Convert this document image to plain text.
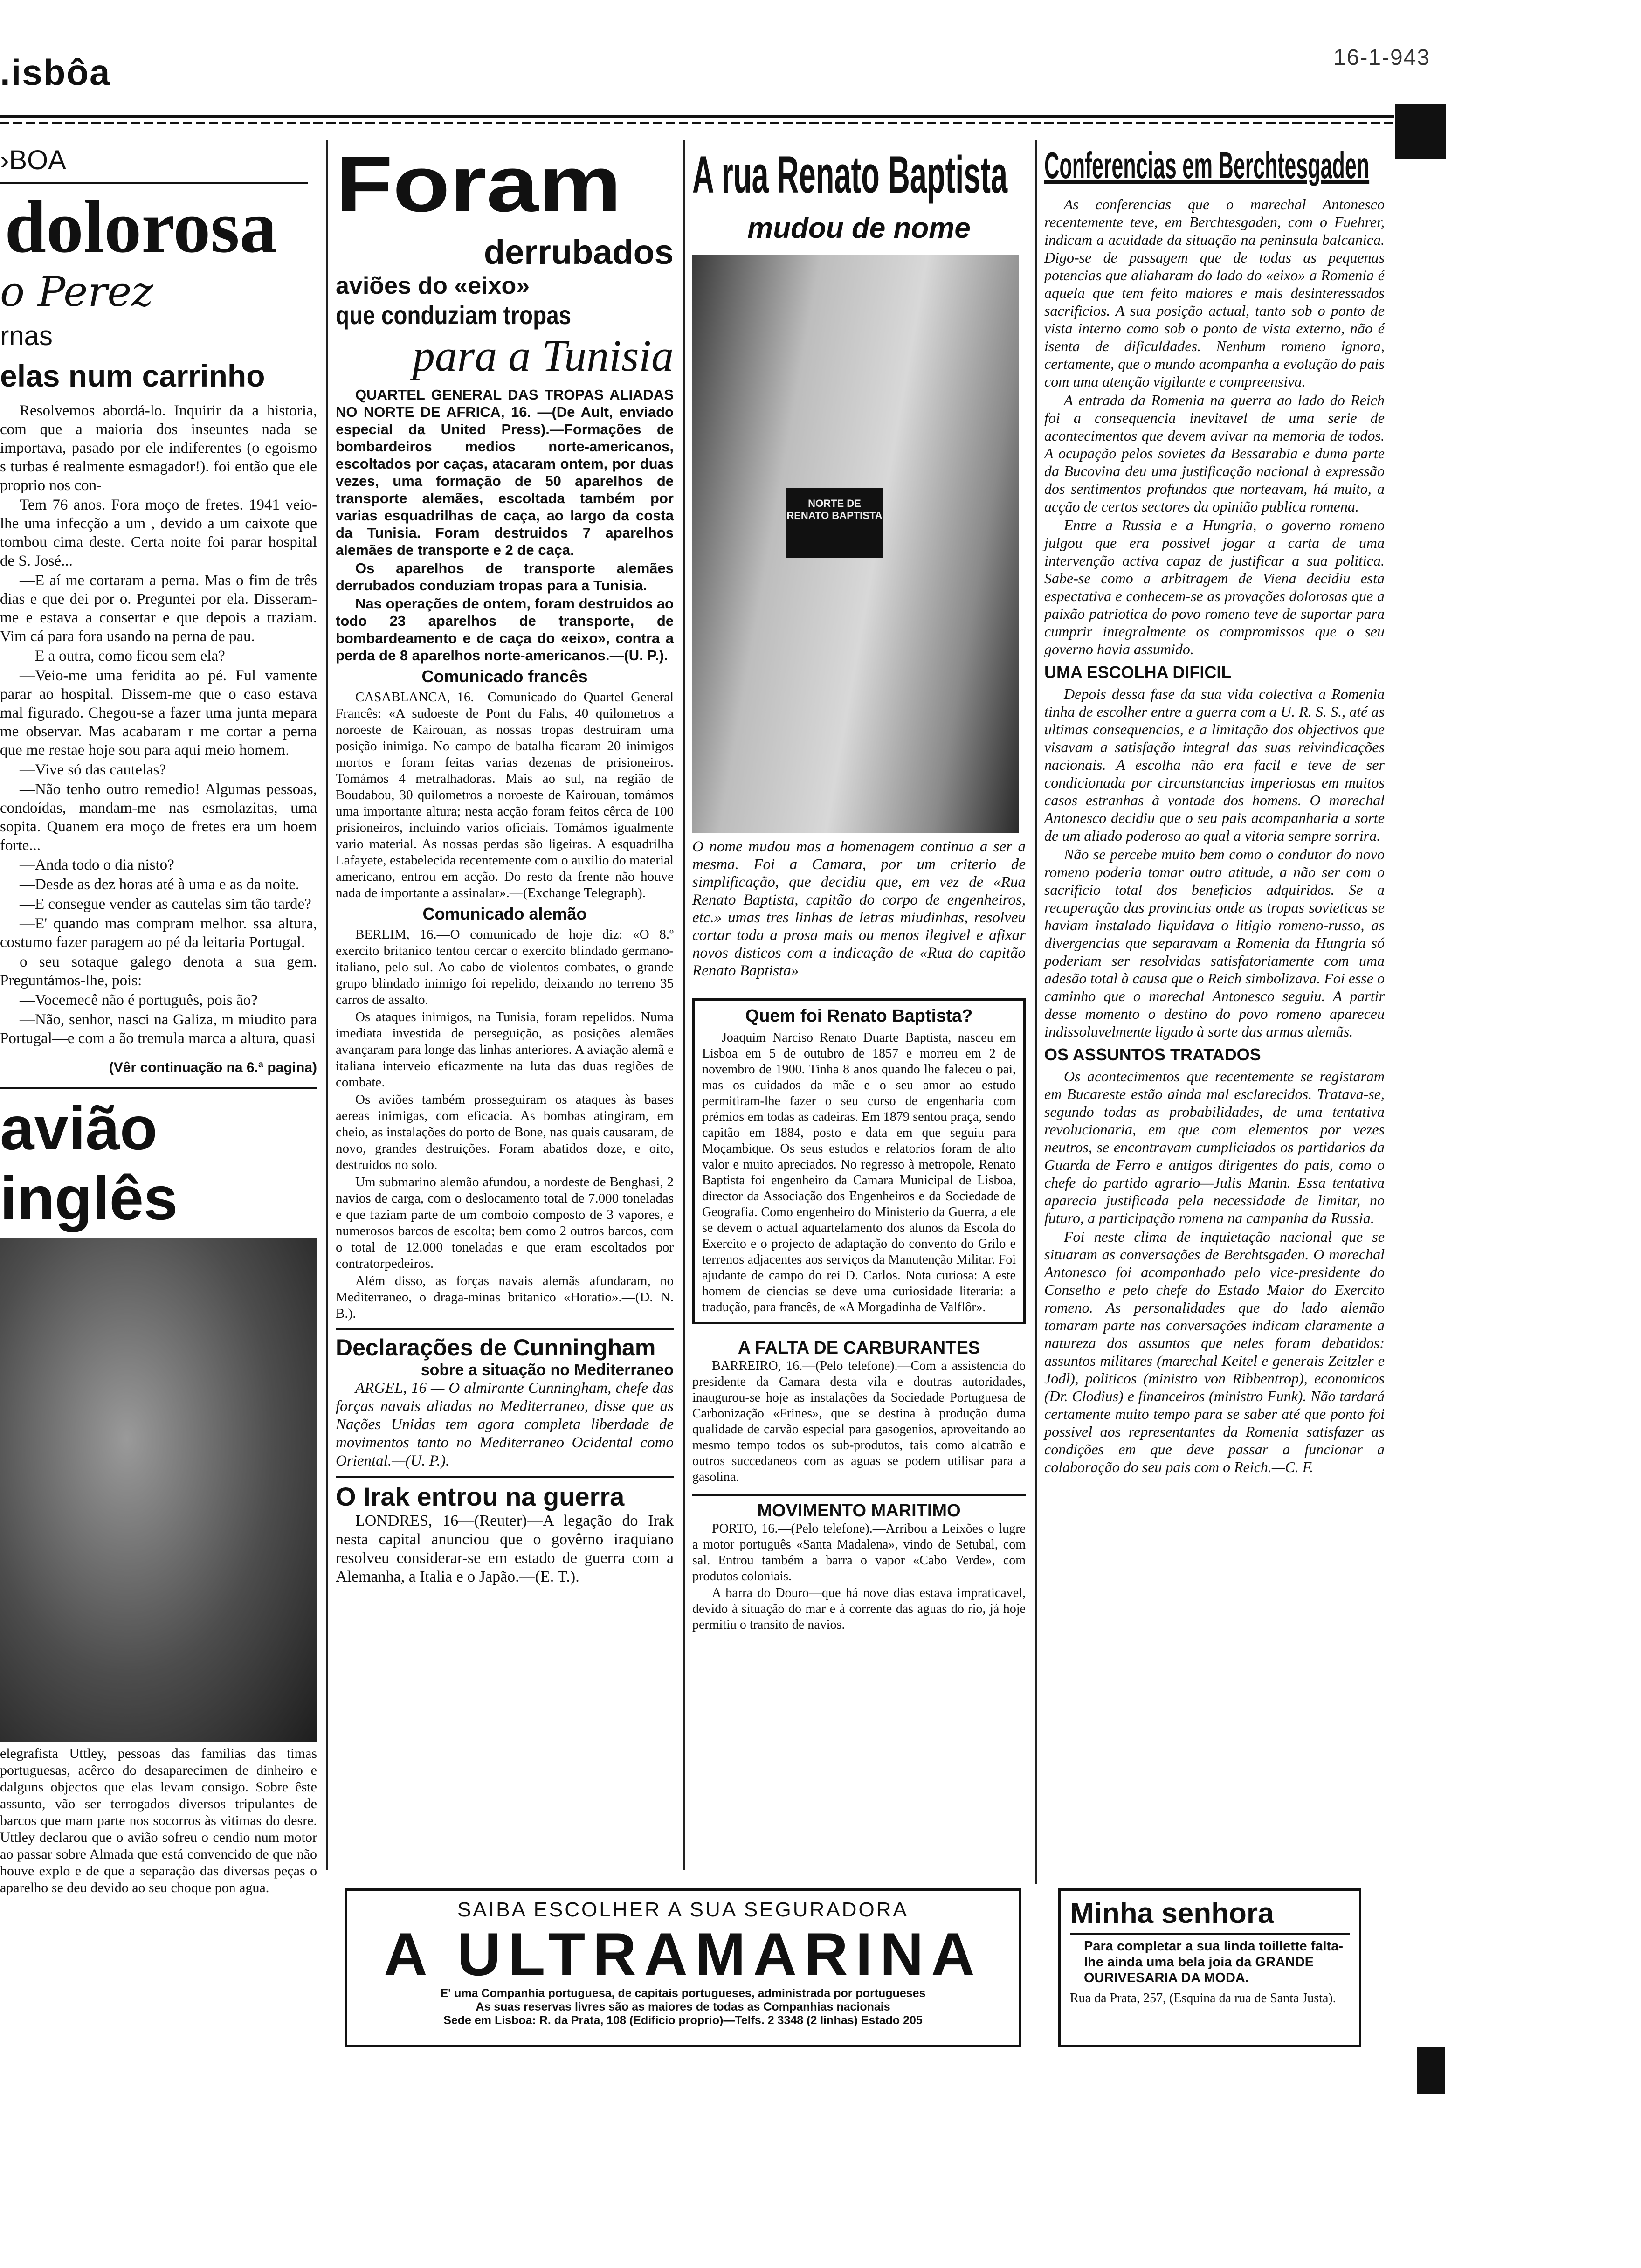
.isbôa	16-1-943
›BOA
dolorosa
o Perez
rnas
elas num carrinho

Resolvemos abordá-lo. Inquirir da a historia, com que a maioria dos inseuntes nada se importava, pasado por ele indiferentes (o egoismo s turbas é realmente esmagador!). foi então que ele proprio nos con-

Tem 76 anos. Fora moço de fretes. 1941 veio-lhe uma infecção a um , devido a um caixote que tombou cima deste. Certa noite foi parar hospital de S. José...

—E aí me cortaram a perna. Mas o fim de três dias e que dei por o. Preguntei por ela. Disseram-me e estava a consertar e que depois a traziam. Vim cá para fora usando na perna de pau.

—E a outra, como ficou sem ela?

—Veio-me uma feridita ao pé. Ful vamente parar ao hospital. Dissem-me que o caso estava mal figurado. Chegou-se a fazer uma junta mepara me observar. Mas acabaram r me cortar a perna que me restae hoje sou para aqui meio homem.

—Vive só das cautelas?

—Não tenho outro remedio! Algumas pessoas, condoídas, mandam-me nas esmolazitas, uma sopita. Quanem era moço de fretes era um hoem forte...

—Anda todo o dia nisto?

—Desde as dez horas até à uma e as da noite.

—E consegue vender as cautelas sim tão tarde?

—E' quando mas compram melhor. ssa altura, costumo fazer paragem ao pé da leitaria Portugal.

o seu sotaque galego denota a sua gem. Preguntámos-lhe, pois:

—Vocemecê não é português, pois ão?

—Não, senhor, nasci na Galiza, m miudito para Portugal—e com a ão tremula marca a altura, quasi

(Vêr continuação na 6.ª pagina)
avião inglês
elegrafista Uttley, pessoas das familias das timas portuguesas, acêrco do desaparecimen de dinheiro e dalguns objectos que elas levam consigo. Sobre êste assunto, vão ser terrogados diversos tripulantes de barcos que mam parte nos socorros às vitimas do desre. Uttley declarou que o avião sofreu o cendio num motor ao passar sobre Almada que está convencido de que não houve explo e de que a separação das diversas peças o aparelho se deu devido ao seu choque pon agua.
Foram
derrubados
aviões do «eixo»
que conduziam tropas
para a Tunisia

QUARTEL GENERAL DAS TROPAS ALIADAS NO NORTE DE AFRICA, 16. —(De Ault, enviado especial da United Press).—Formações de bombardeiros medios norte-americanos, escoltados por caças, atacaram ontem, por duas vezes, uma formação de 50 aparelhos de transporte alemães, escoltada também por varias esquadrilhas de caça, ao largo da costa da Tunisia. Foram destruidos 7 aparelhos alemães de transporte e 2 de caça.

Os aparelhos de transporte alemães derrubados conduziam tropas para a Tunisia.

Nas operações de ontem, foram destruidos ao todo 23 aparelhos de transporte, de bombardeamento e de caça do «eixo», contra a perda de 8 aparelhos norte-americanos.—(U. P.).

Comunicado francês

CASABLANCA, 16.—Comunicado do Quartel General Francês: «A sudoeste de Pont du Fahs, 40 quilometros a noroeste de Kairouan, as nossas tropas destruiram uma posição inimiga. No campo de batalha ficaram 20 inimigos mortos e foram feitas varias dezenas de prisioneiros. Tomámos 4 metralhadoras. Mais ao sul, na região de Boudabou, 30 quilometros a noroeste de Kairouan, tomámos uma importante altura; nesta acção foram feitos cêrca de 100 prisioneiros, incluindo varios oficiais. Tomámos igualmente vario material. As nossas perdas são ligeiras. A esquadrilha Lafayete, estabelecida recentemente com o auxilio do material americano, entrou em acção. Do resto da frente não houve nada de importante a assinalar».—(Exchange Telegraph).

Comunicado alemão

BERLIM, 16.—O comunicado de hoje diz: «O 8.º exercito britanico tentou cercar o exercito blindado germano-italiano, pelo sul. Ao cabo de violentos combates, o grande grupo blindado inimigo foi repelido, deixando no terreno 35 carros de assalto.

Os ataques inimigos, na Tunisia, foram repelidos. Numa imediata investida de perseguição, as posições alemães avançaram para longe das linhas anteriores. A aviação alemã e italiana interveio eficazmente na luta das duas regiões de combate.

Os aviões também prosseguiram os ataques às bases aereas inimigas, com eficacia. As bombas atingiram, em cheio, as instalações do porto de Bone, nas quais causaram, de novo, grandes destruições. Foram abatidos doze, e oito, destruidos no solo.

Um submarino alemão afundou, a nordeste de Benghasi, 2 navios de carga, com o deslocamento total de 7.000 toneladas e que faziam parte de um comboio composto de 3 vapores, e numerosos barcos de escolta; bem como 2 outros barcos, com o total de 12.000 toneladas e que eram escoltados por contratorpedeiros.

Além disso, as forças navais alemãs afundaram, no Mediterraneo, o draga-minas britanico «Horatio».—(D. N. B.).

Declarações de Cunningham
sobre a situação no Mediterraneo

ARGEL, 16 — O almirante Cunningham, chefe das forças navais aliadas no Mediterraneo, disse que as Nações Unidas tem agora completa liberdade de movimentos tanto no Mediterraneo Ocidental como Oriental.—(U. P.).

O Irak entrou na guerra

LONDRES, 16—(Reuter)—A legação do Irak nesta capital anunciou que o govêrno iraquiano resolveu considerar-se em estado de guerra com a Alemanha, a Italia e o Japão.—(E. T.).

A rua Renato Baptista
mudou de nome
NORTE DE RENATO BAPTISTA
O nome mudou mas a homenagem continua a ser a mesma. Foi a Camara, por um criterio de simplificação, que decidiu que, em vez de «Rua Renato Baptista, capitão do corpo de engenheiros, etc.» umas tres linhas de letras miudinhas, resolveu cortar toda a prosa mais ou menos ilegivel e afixar novos disticos com a indicação de «Rua do capitão Renato Baptista»
Quem foi Renato Baptista?

Joaquim Narciso Renato Duarte Baptista, nasceu em Lisboa em 5 de outubro de 1857 e morreu em 2 de novembro de 1900. Tinha 8 anos quando lhe faleceu o pai, mas os cuidados da mãe e o seu amor ao estudo permitiram-lhe fazer o seu curso de engenharia com prémios em todas as cadeiras. Em 1879 sentou praça, sendo capitão em 1884, posto e data em que seguiu para Moçambique. Os seus estudos e relatorios foram de alto valor e muito apreciados. No regresso à metropole, Renato Baptista foi engenheiro da Camara Municipal de Lisboa, director da Associação dos Engenheiros e da Sociedade de Geografia. Como engenheiro do Ministerio da Guerra, a ele se devem o actual aquartelamento dos alunos da Escola do Exercito e o projecto de adaptação do convento do Grilo e terrenos adjacentes aos serviços da Manutenção Militar. Foi ajudante de campo do rei D. Carlos. Nota curiosa: A este homem de ciencias se deve uma curiosidade literaria: a tradução, para francês, de «A Morgadinha de Valflôr».

A FALTA DE CARBURANTES

BARREIRO, 16.—(Pelo telefone).—Com a assistencia do presidente da Camara desta vila e doutras autoridades, inaugurou-se hoje as instalações da Sociedade Portuguesa de Carbonização «Frines», que se destina à produção duma qualidade de carvão especial para gasogenios, aproveitando ao mesmo tempo todos os sub-produtos, tais como alcatrão e outros succedaneos com as aguas se podem utilisar para a gasolina.

MOVIMENTO MARITIMO

PORTO, 16.—(Pelo telefone).—Arribou a Leixões o lugre a motor português «Santa Madalena», vindo de Setubal, com sal. Entrou também a barra o vapor «Cabo Verde», com produtos coloniais.

A barra do Douro—que há nove dias estava impraticavel, devido à situação do mar e à corrente das aguas do rio, já hoje permitiu o transito de navios.

Conferencias em Berchtesgaden

As conferencias que o marechal Antonesco recentemente teve, em Berchtesgaden, com o Fuehrer, indicam a acuidade da situação na peninsula balcanica. Digo-se de passagem que de todas as pequenas potencias que aliaharam do lado do «eixo» a Romenia é aquela que tem feito maiores e mais desinteressados sacrificios. A sua posição actual, tanto sob o ponto de vista interno como sob o ponto de vista externo, não é isenta de dificuldades. Nenhum romeno ignora, certamente, que o mundo acompanha a evolução do pais com uma atenção vigilante e compreensiva.

A entrada da Romenia na guerra ao lado do Reich foi a consequencia inevitavel de uma serie de acontecimentos que devem avivar na memoria de todos. A ocupação pelos sovietes da Bessarabia e duma parte da Bucovina deu uma justificação nacional à expressão dos sentimentos profundos que norteavam, há muito, a acção de certos sectores da opinião publica romena.

Entre a Russia e a Hungria, o governo romeno julgou que era possivel jogar a carta de uma intervenção activa capaz de justificar a sua politica. Sabe-se como a arbitragem de Viena decidiu esta espectativa e conhecem-se as provações dolorosas que a paixão patriotica do povo romeno teve de suportar para cumprir integralmente os compromissos que o seu governo havia assumido.

UMA ESCOLHA DIFICIL

Depois dessa fase da sua vida colectiva a Romenia tinha de escolher entre a guerra com a U. R. S. S., até as ultimas consequencias, e a limitação dos objectivos que visavam a satisfação integral das suas reivindicações nacionais. A escolha não era facil e teve de ser condicionada por circunstancias imperiosas em muitos casos estranhas à vontade dos homens. O marechal Antonesco decidiu que o seu pais acompanharia a sorte de um aliado poderoso ao qual a vitoria sempre sorrira.

Não se percebe muito bem como o condutor do novo romeno poderia tomar outra atitude, a não ser com o sacrificio total dos beneficios adquiridos. Se a recuperação das provincias onde as tropas sovieticas se haviam instalado liquidava o litigio romeno-russo, as divergencias que separavam a Romenia da Hungria só poderiam ser resolvidas satisfatoriamente com uma adesão total à causa que o Reich simbolizava. Foi esse o caminho que o marechal Antonesco seguiu. A partir desse momento o destino do povo romeno apareceu indissoluvelmente ligado à sorte das armas alemãs.

OS ASSUNTOS TRATADOS

Os acontecimentos que recentemente se registaram em Bucareste estão ainda mal esclarecidos. Tratava-se, segundo todas as probabilidades, de uma tentativa revolucionaria, em que com elementos por vezes neutros, se encontravam cumpliciados os partidarios da Guarda de Ferro e antigos dirigentes do pais, como o chefe do partido agrario—Julis Manin. Essa tentativa aparecia justificada pela necessidade de limitar, no futuro, a participação romena na campanha da Russia.

Foi neste clima de inquietação nacional que se situaram as conversações de Berchtsgaden. O marechal Antonesco foi acompanhado pelo vice-presidente do Conselho e pelo chefe do Estado Maior do Exercito romeno. As personalidades que do lado alemão tomaram parte nas conversações indicam claramente a natureza dos assuntos que neles foram debatidos: assuntos militares (marechal Keitel e generais Zeitzler e Jodl), politicos (ministro von Ribbentrop), economicos (Dr. Clodius) e financeiros (ministro Funk). Não tardará certamente muito tempo para se saber até que ponto foi possivel aos representantes da Romenia satisfazer as condições em que deve passar a funcionar a colaboração do seu pais com o Reich.—C. F.

SAIBA ESCOLHER A SUA SEGURADORA
A ULTRAMARINA
E' uma Companhia portuguesa, de capitais portugueses, administrada por portugueses
As suas reservas livres são as maiores de todas as Companhias nacionais
Sede em Lisboa: R. da Prata, 108 (Edificio proprio)—Telfs. 2 3348 (2 linhas) Estado 205
Minha senhora
Para completar a sua linda toillette falta-lhe ainda uma bela joia da GRANDE OURIVESARIA DA MODA.
Rua da Prata, 257, (Esquina da rua de Santa Justa).
